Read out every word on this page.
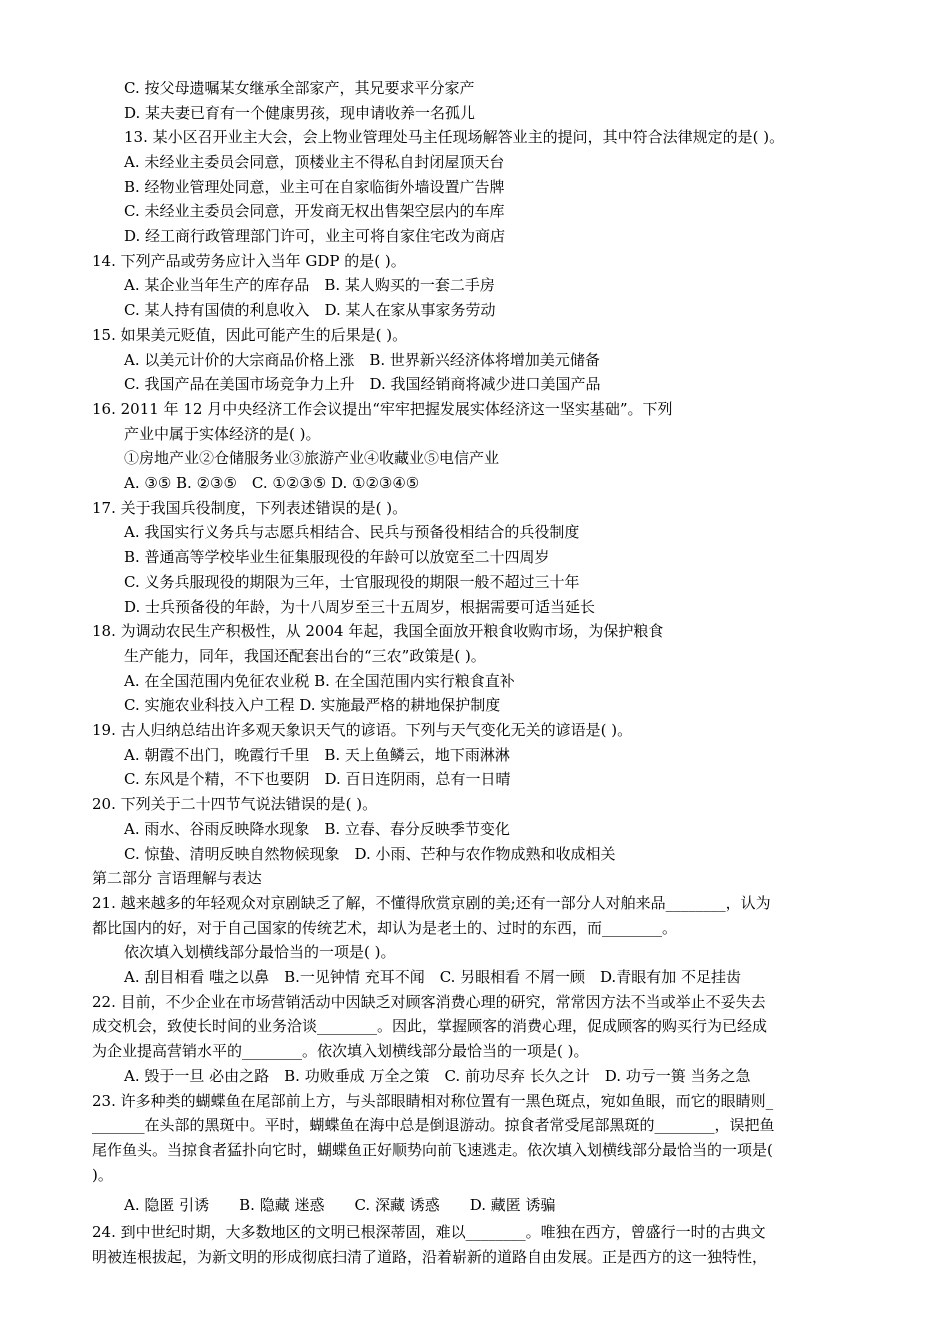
C. 按父母遗嘱某女继承全部家产，其兄要求平分家产
D. 某夫妻已育有一个健康男孩，现申请收养一名孤儿
13. 某小区召开业主大会，会上物业管理处马主任现场解答业主的提问，其中符合法律规定的是( )。
A. 未经业主委员会同意，顶楼业主不得私自封闭屋顶天台
B. 经物业管理处同意，业主可在自家临街外墙设置广告牌
C. 未经业主委员会同意，开发商无权出售架空层内的车库
D. 经工商行政管理部门许可，业主可将自家住宅改为商店
14. 下列产品或劳务应计入当年 GDP 的是( )。
A. 某企业当年生产的库存品　B. 某人购买的一套二手房
C. 某人持有国债的利息收入　D. 某人在家从事家务劳动
15. 如果美元贬值，因此可能产生的后果是( )。
A. 以美元计价的大宗商品价格上涨　B. 世界新兴经济体将增加美元储备
C. 我国产品在美国市场竞争力上升　D. 我国经销商将减少进口美国产品
16. 2011 年 12 月中央经济工作会议提出“牢牢把握发展实体经济这一坚实基础”。下列
产业中属于实体经济的是( )。
①房地产业②仓储服务业③旅游产业④收藏业⑤电信产业
A. ③⑤ B. ②③⑤　C. ①②③⑤ D. ①②③④⑤
17. 关于我国兵役制度，下列表述错误的是( )。
A. 我国实行义务兵与志愿兵相结合、民兵与预备役相结合的兵役制度
B. 普通高等学校毕业生征集服现役的年龄可以放宽至二十四周岁
C. 义务兵服现役的期限为三年，士官服现役的期限一般不超过三十年
D. 士兵预备役的年龄，为十八周岁至三十五周岁，根据需要可适当延长
18. 为调动农民生产积极性，从 2004 年起，我国全面放开粮食收购市场，为保护粮食
生产能力，同年，我国还配套出台的“三农”政策是( )。
A. 在全国范围内免征农业税 B. 在全国范围内实行粮食直补
C. 实施农业科技入户工程 D. 实施最严格的耕地保护制度
19. 古人归纳总结出许多观天象识天气的谚语。下列与天气变化无关的谚语是( )。
A. 朝霞不出门，晚霞行千里　B. 天上鱼鳞云，地下雨淋淋
C. 东风是个精，不下也要阴　D. 百日连阴雨，总有一日晴
20. 下列关于二十四节气说法错误的是( )。
A. 雨水、谷雨反映降水现象　B. 立春、春分反映季节变化
C. 惊蛰、清明反映自然物候现象　D. 小雨、芒种与农作物成熟和收成相关
第二部分 言语理解与表达
21. 越来越多的年轻观众对京剧缺乏了解，不懂得欣赏京剧的美;还有一部分人对舶来品________，认为
都比国内的好，对于自己国家的传统艺术，却认为是老土的、过时的东西，而________。
依次填入划横线部分最恰当的一项是( )。
A. 刮目相看 嗤之以鼻　B.一见钟情 充耳不闻　C. 另眼相看 不屑一顾　D.青眼有加 不足挂齿
22. 目前，不少企业在市场营销活动中因缺乏对顾客消费心理的研究，常常因方法不当或举止不妥失去
成交机会，致使长时间的业务洽谈________。因此，掌握顾客的消费心理，促成顾客的购买行为已经成
为企业提高营销水平的________。依次填入划横线部分最恰当的一项是( )。
A. 毁于一旦 必由之路　B. 功败垂成 万全之策　C. 前功尽弃 长久之计　D. 功亏一篑 当务之急
23. 许多种类的蝴蝶鱼在尾部前上方，与头部眼睛相对称位置有一黑色斑点，宛如鱼眼，而它的眼睛则_
_______在头部的黑斑中。平时，蝴蝶鱼在海中总是倒退游动。掠食者常受尾部黑斑的________，误把鱼
尾作鱼头。当掠食者猛扑向它时，蝴蝶鱼正好顺势向前飞速逃走。依次填入划横线部分最恰当的一项是(
)。
A. 隐匿 引诱　　B. 隐藏 迷惑　　C. 深藏 诱惑　　D. 藏匿 诱骗
24. 到中世纪时期，大多数地区的文明已根深蒂固，难以________。唯独在西方，曾盛行一时的古典文
明被连根拔起，为新文明的形成彻底扫清了道路，沿着崭新的道路自由发展。正是西方的这一独特性，
